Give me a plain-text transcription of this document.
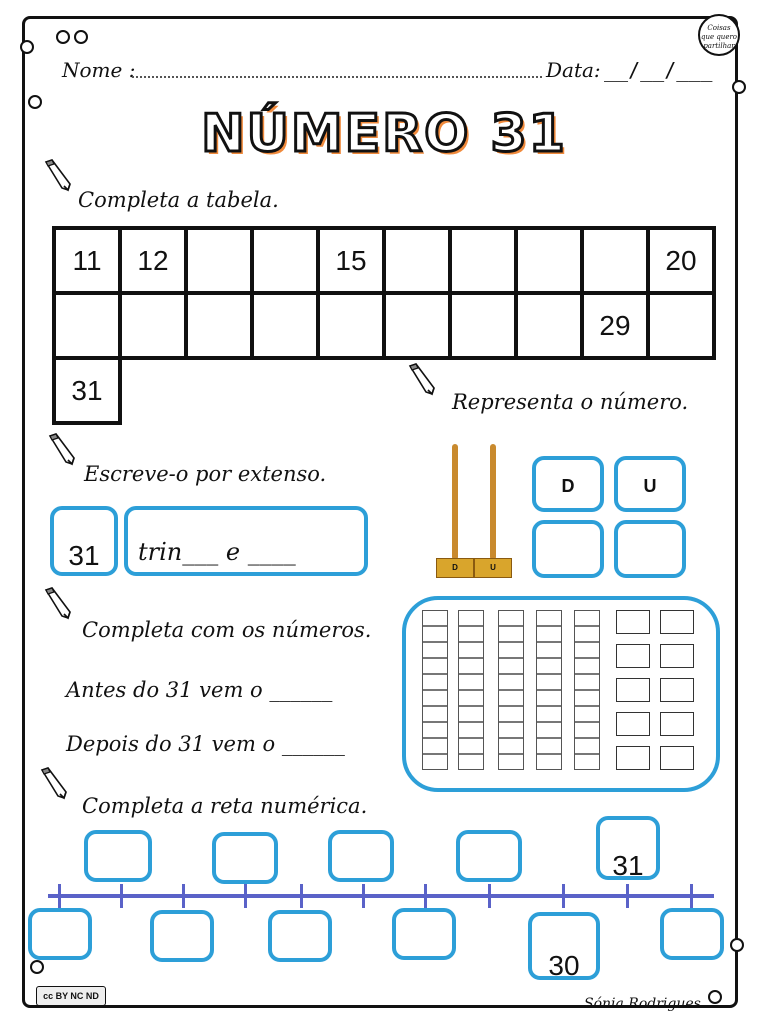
Coisas que quero partilhar
Nome :	Data: __/__/___
NÚMERO 31
Completa a tabela.
11	12			15					20
								29	
31										Representa o número.
D	U
D	U
Escreve-o por extenso.
31	trin___ e ____
Completa com os números.
Antes do 31 vem o ______
Depois do 31 vem o ______
Completa a reta numérica.
31
30
cc BY NC ND	Sónia Rodrigues
